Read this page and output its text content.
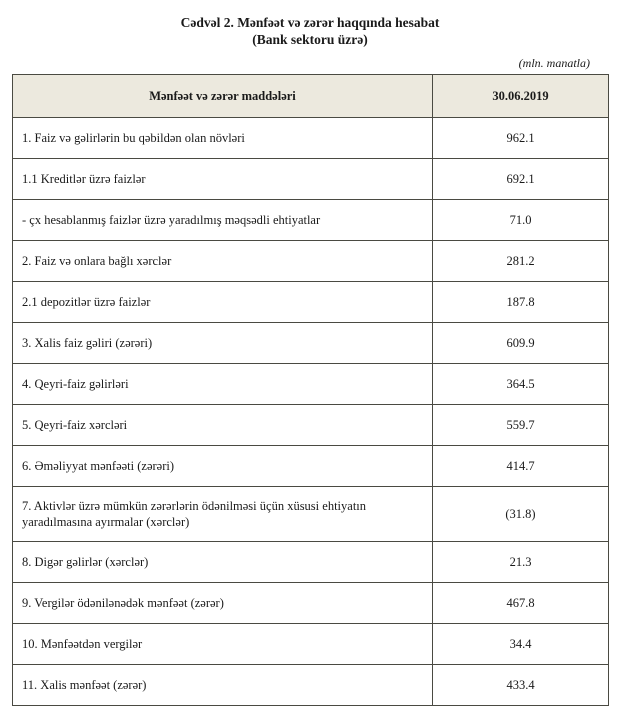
Cədvəl 2. Mənfəət və zərər haqqında hesabat
(Bank sektoru üzrə)
(mln. manatla)
Mənfəət və zərər maddələri	30.06.2019
1. Faiz və gəlirlərin bu qəbildən olan növləri	962.1
1.1 Kreditlər üzrə faizlər	692.1
- çx hesablanmış faizlər üzrə yaradılmış məqsədli ehtiyatlar	71.0
2. Faiz və onlara bağlı xərclər	281.2
2.1 depozitlər üzrə faizlər	187.8
3. Xalis faiz gəliri (zərəri)	609.9
4. Qeyri-faiz gəlirləri	364.5
5. Qeyri-faiz xərcləri	559.7
6. Əməliyyat mənfəəti (zərəri)	414.7
7. Aktivlər üzrə mümkün zərərlərin ödənilməsi üçün xüsusi ehtiyatın yaradılmasına ayırmalar (xərclər)	(31.8)
8. Digər gəlirlər (xərclər)	21.3
9. Vergilər ödənilənədək mənfəət (zərər)	467.8
10. Mənfəətdən vergilər	34.4
11. Xalis mənfəət (zərər)	433.4
